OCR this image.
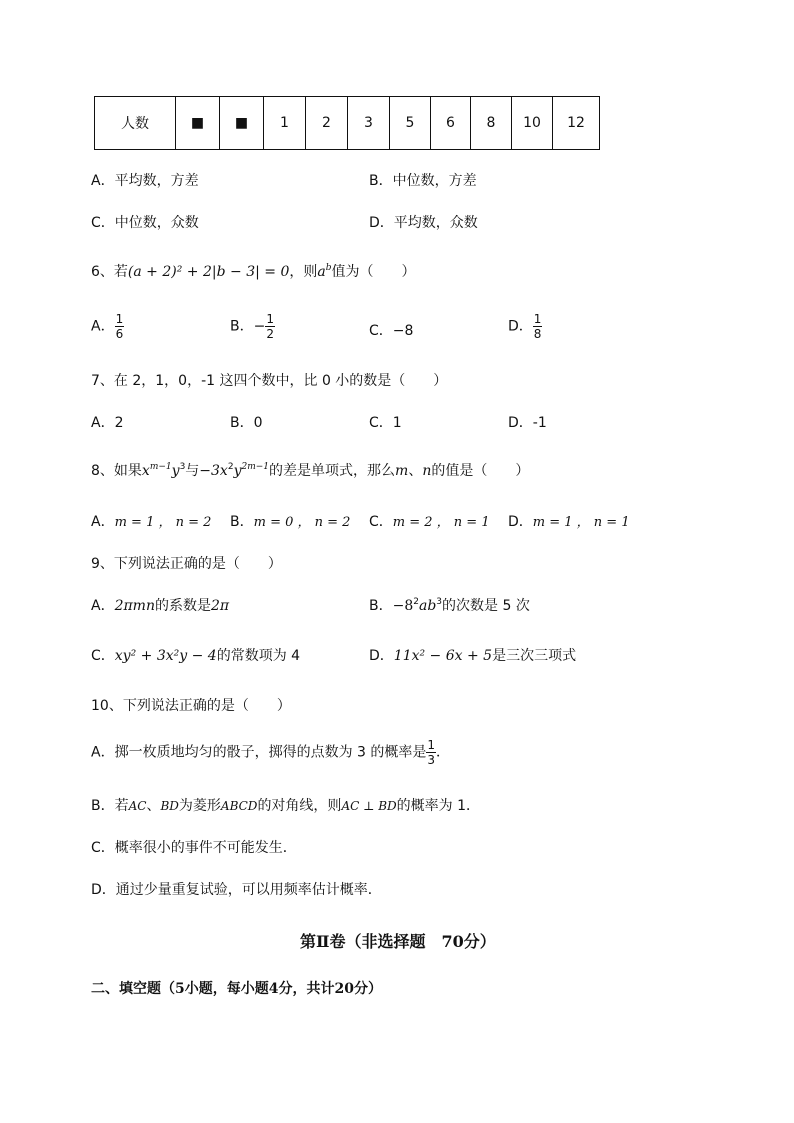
人数	■	■	1	2	3	5	6	8	10	12
A．平均数，方差	B．中位数，方差
C．中位数，众数	D．平均数，众数
6、若(a + 2)² + 2|b − 3| = 0，则$a^b$值为（　　）
A． $\frac{1}{6}$	B．− $\frac{1}{2}$	C．−8	D． $\frac{1}{8}$
7、在 2，1，0，-1 这四个数中，比 0 小的数是（　　）
A．2	B．0	C．1	D．-1
8、如果$x^{m-1}y^3$与$-3x^2y^{2m-1}$的差是单项式，那么m、n的值是（　　）
A．m = 1 ， n = 2 B．m = 0 ， n = 2 C．m = 2 ， n = 1 D．m = 1 ， n = 1
9、下列说法正确的是（　　）
A．2πmn的系数是2π	B．$-8^2ab^3$的次数是 5 次
C．xy² + 3x²y − 4的常数项为 4	D．11x² − 6x + 5是三次三项式
10、下列说法正确的是（　　）
A．掷一枚质地均匀的骰子，掷得的点数为 3 的概率是 $\frac{1}{3}$ ．
B．若AC、BD为菱形ABCD的对角线，则AC ⊥ BD的概率为 1．
C．概率很小的事件不可能发生．
D．通过少量重复试验，可以用频率估计概率．
第Ⅱ卷（非选择题　70分）
二、填空题（5小题，每小题4分，共计20分）
